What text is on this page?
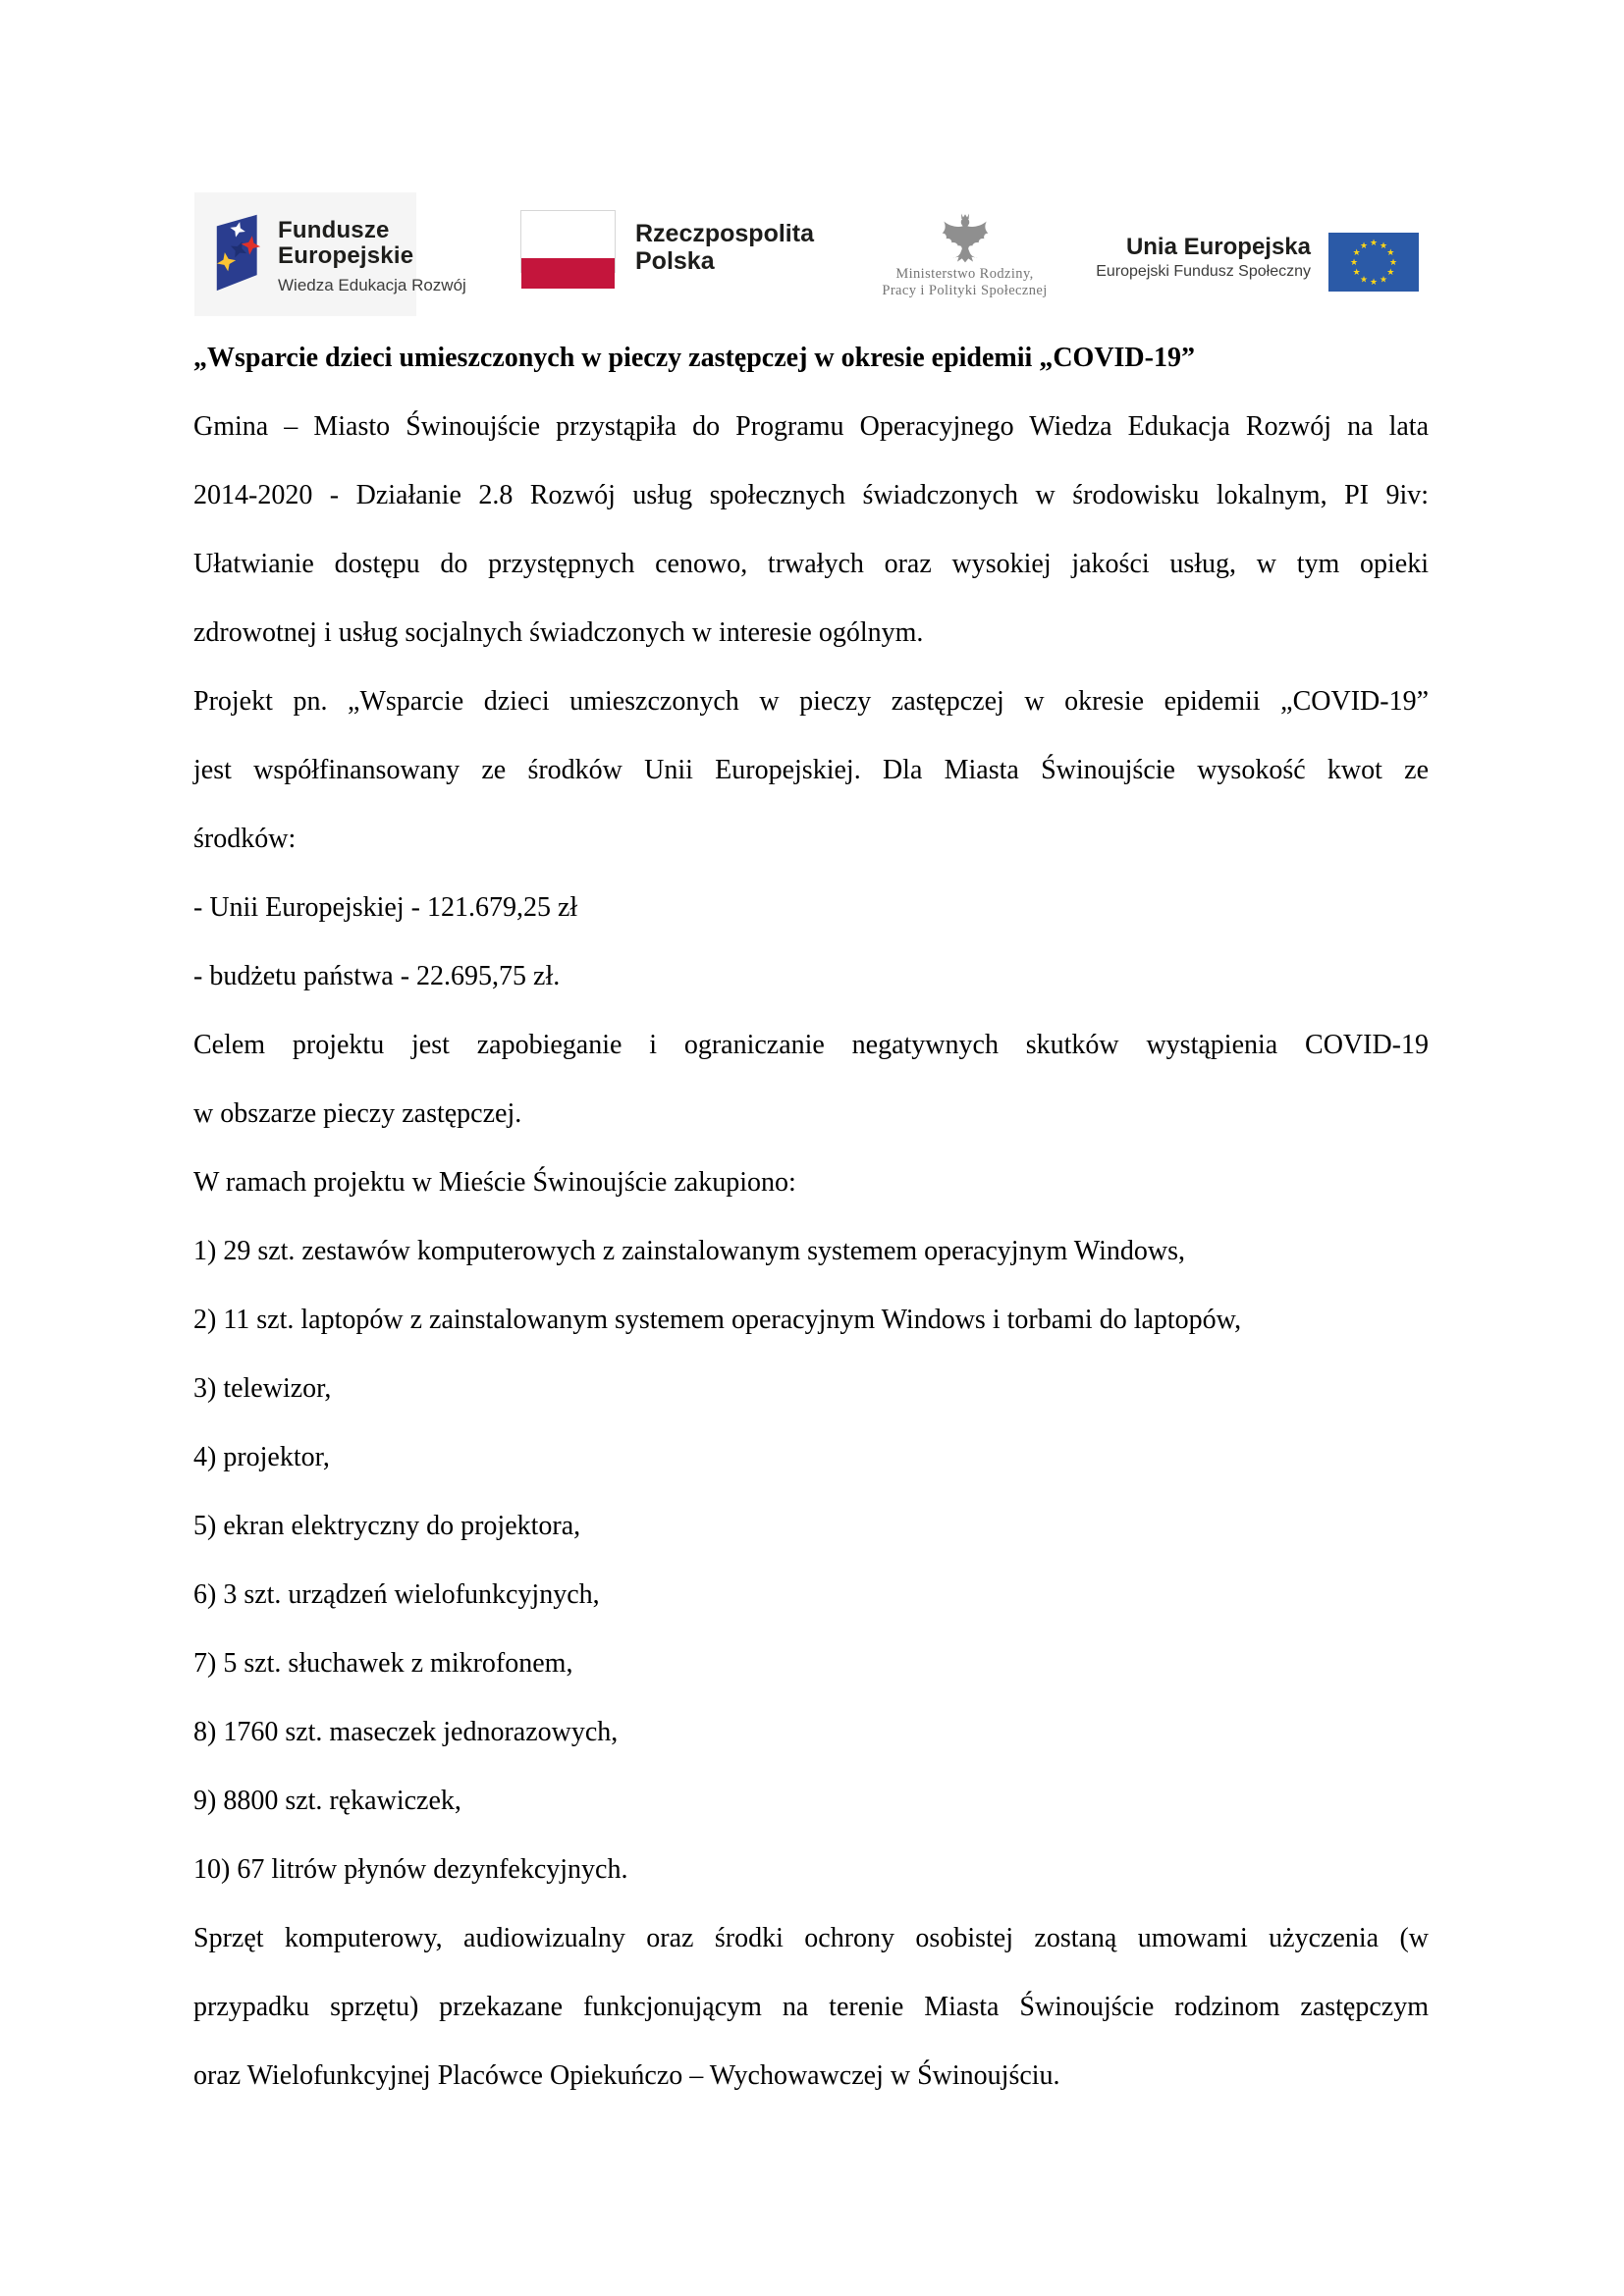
Fundusze
Europejskie
Wiedza Edukacja Rozwój
Rzeczpospolita
Polska	Ministerstwo Rodziny,
Pracy i Polityki Społecznej
Unia Europejska
Europejski Fundusz Społeczny
★ ★
★
★
★
★
★
★
★
★
★
★
„Wsparcie dzieci umieszczonych w pieczy zastępczej w okresie epidemii „COVID-19”
Gmina – Miasto Świnoujście przystąpiła do Programu Operacyjnego Wiedza Edukacja Rozwój na lata
2014-2020 - Działanie 2.8 Rozwój usług społecznych świadczonych w środowisku lokalnym, PI 9iv:
Ułatwianie dostępu do przystępnych cenowo, trwałych oraz wysokiej jakości usług, w tym opieki
zdrowotnej i usług socjalnych świadczonych w interesie ogólnym.
Projekt pn. „Wsparcie dzieci umieszczonych w pieczy zastępczej w okresie epidemii „COVID-19”
jest współfinansowany ze środków Unii Europejskiej. Dla Miasta Świnoujście wysokość kwot ze
środków:
- Unii Europejskiej - 121.679,25 zł
- budżetu państwa - 22.695,75 zł.
Celem projektu jest zapobieganie i ograniczanie negatywnych skutków wystąpienia COVID-19
w obszarze pieczy zastępczej.
W ramach projektu w Mieście Świnoujście zakupiono:
1) 29 szt. zestawów komputerowych z zainstalowanym systemem operacyjnym Windows,
2) 11 szt. laptopów z zainstalowanym systemem operacyjnym Windows i torbami do laptopów,
3) telewizor,
4) projektor,
5) ekran elektryczny do projektora,
6) 3 szt. urządzeń wielofunkcyjnych,
7) 5 szt. słuchawek z mikrofonem,
8) 1760 szt. maseczek jednorazowych,
9) 8800 szt. rękawiczek,
10) 67 litrów płynów dezynfekcyjnych.
Sprzęt komputerowy, audiowizualny oraz środki ochrony osobistej zostaną umowami użyczenia (w
przypadku sprzętu) przekazane funkcjonującym na terenie Miasta Świnoujście rodzinom zastępczym
oraz Wielofunkcyjnej Placówce Opiekuńczo – Wychowawczej w Świnoujściu.
